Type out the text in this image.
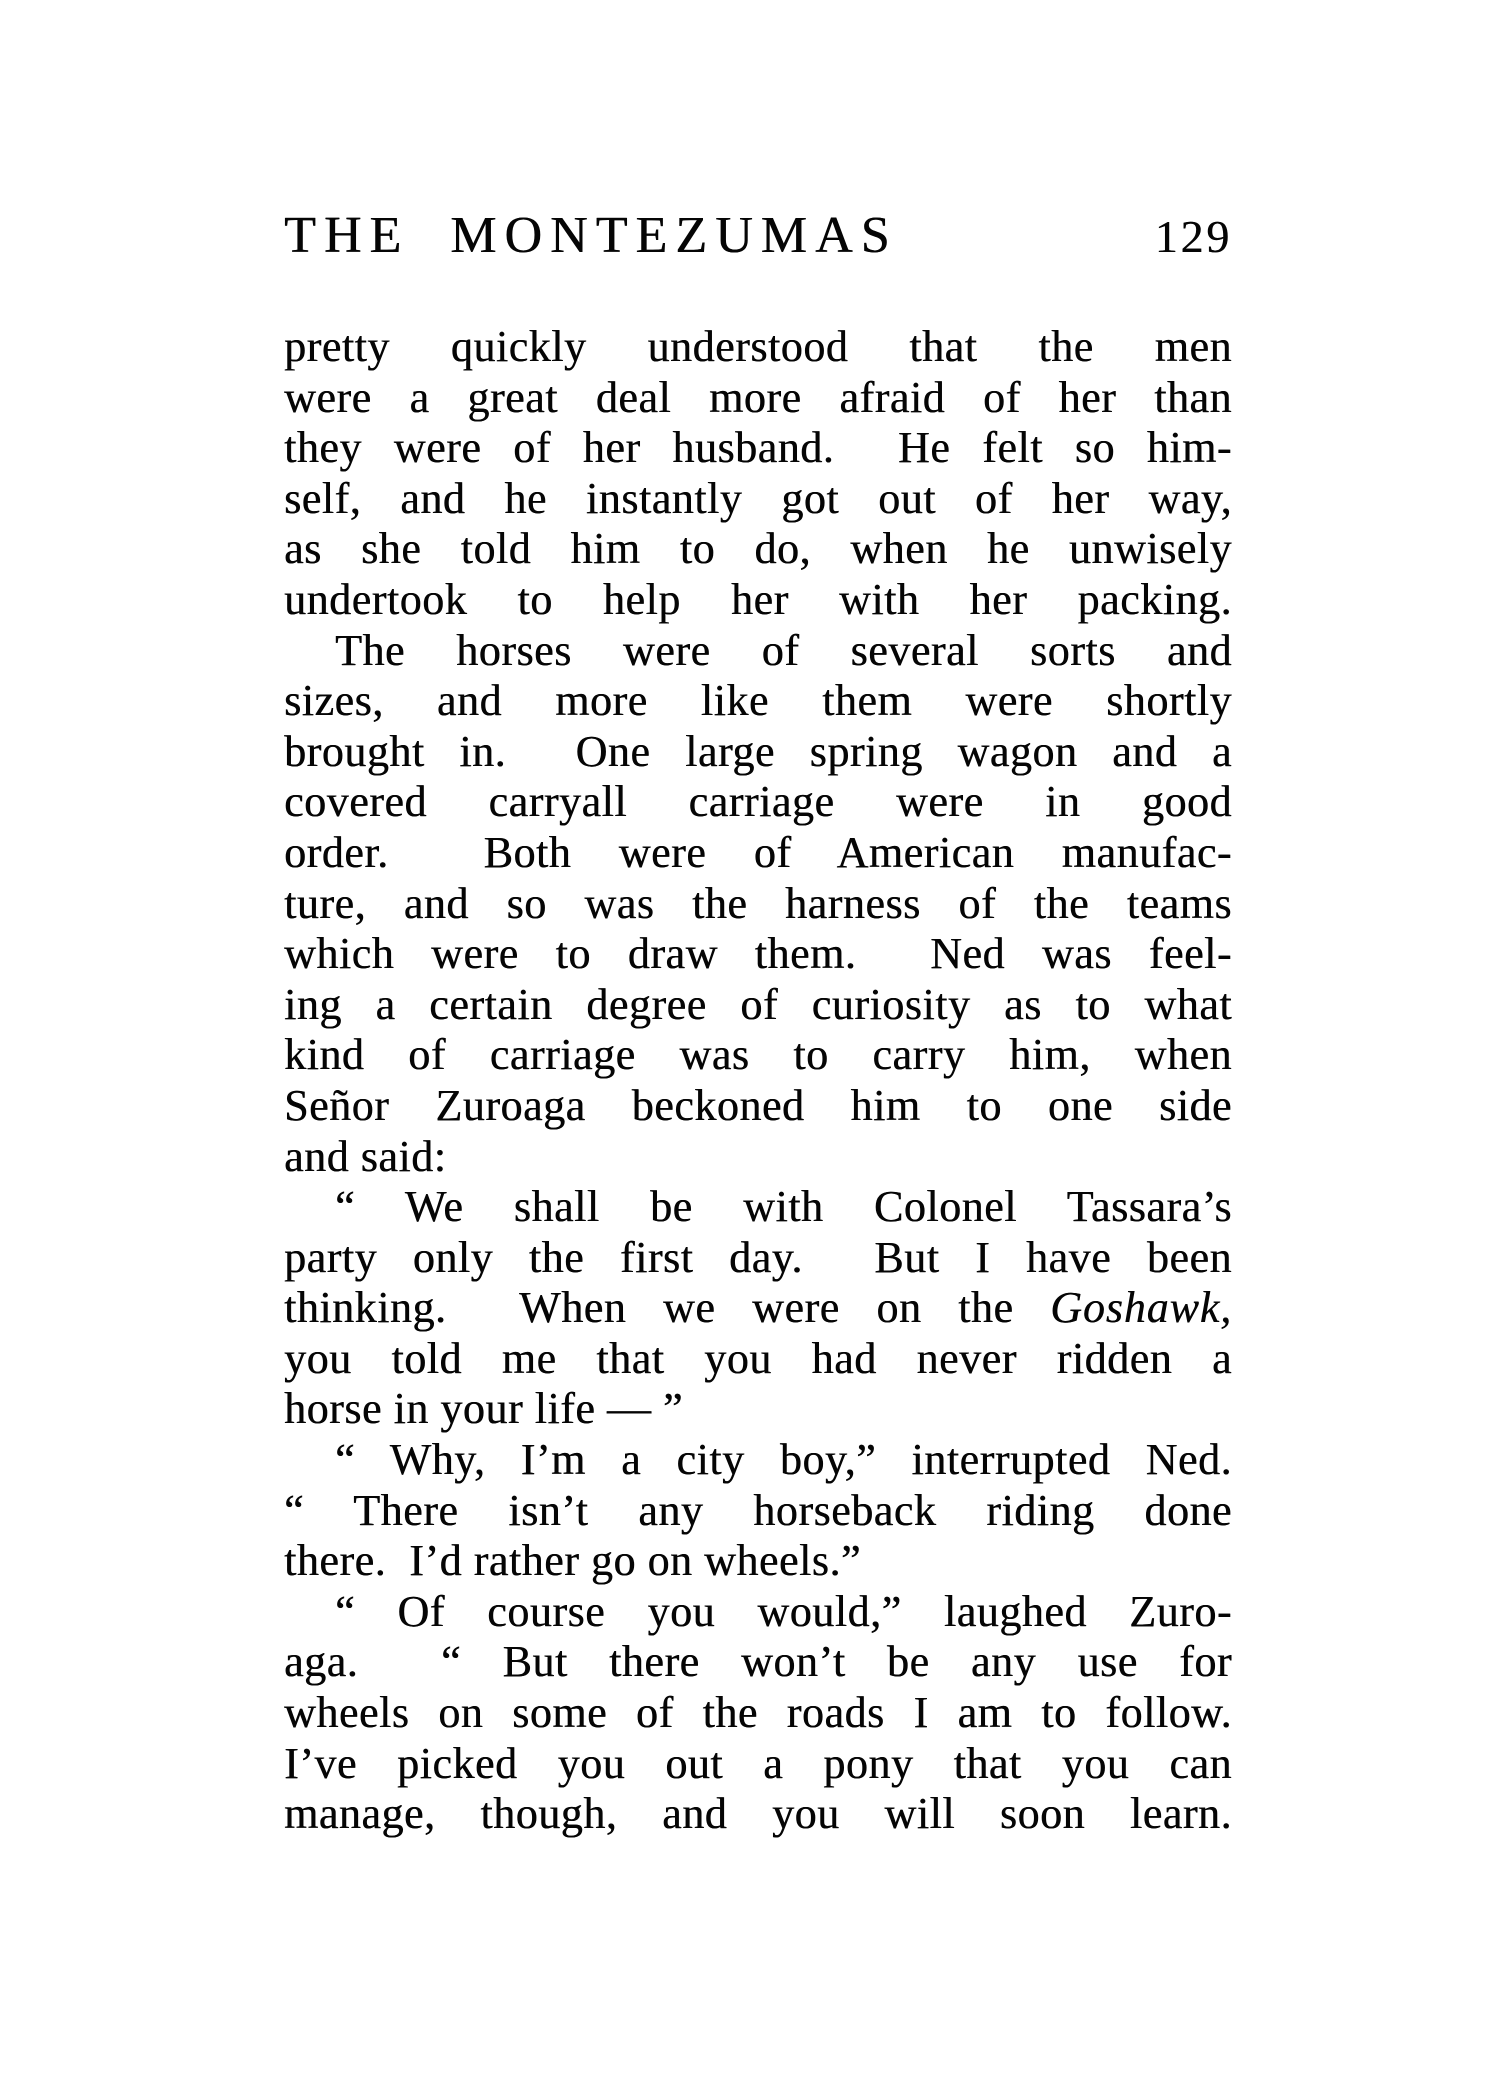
THE MONTEZUMAS	129
pretty quickly understood that the men
were a great deal more afraid of her than
they were of her husband.  He felt so him-
self, and he instantly got out of her way,
as she told him to do, when he unwisely
undertook to help her with her packing.
The horses were of several sorts and
sizes, and more like them were shortly
brought in.  One large spring wagon and a
covered carryall carriage were in good
order.  Both were of American manufac-
ture, and so was the harness of the teams
which were to draw them.  Ned was feel-
ing a certain degree of curiosity as to what
kind of carriage was to carry him, when
Señor Zuroaga beckoned him to one side
and said:
“ We shall be with Colonel Tassara’s
party only the first day.  But I have been
thinking.  When we were on the Goshawk,
you told me that you had never ridden a
horse in your life — ”
“ Why, I’m a city boy,” interrupted Ned.
“ There isn’t any horseback riding done
there.  I’d rather go on wheels.”
“ Of course you would,” laughed Zuro-
aga.  “ But there won’t be any use for
wheels on some of the roads I am to follow.
I’ve picked you out a pony that you can
manage, though, and you will soon learn.
